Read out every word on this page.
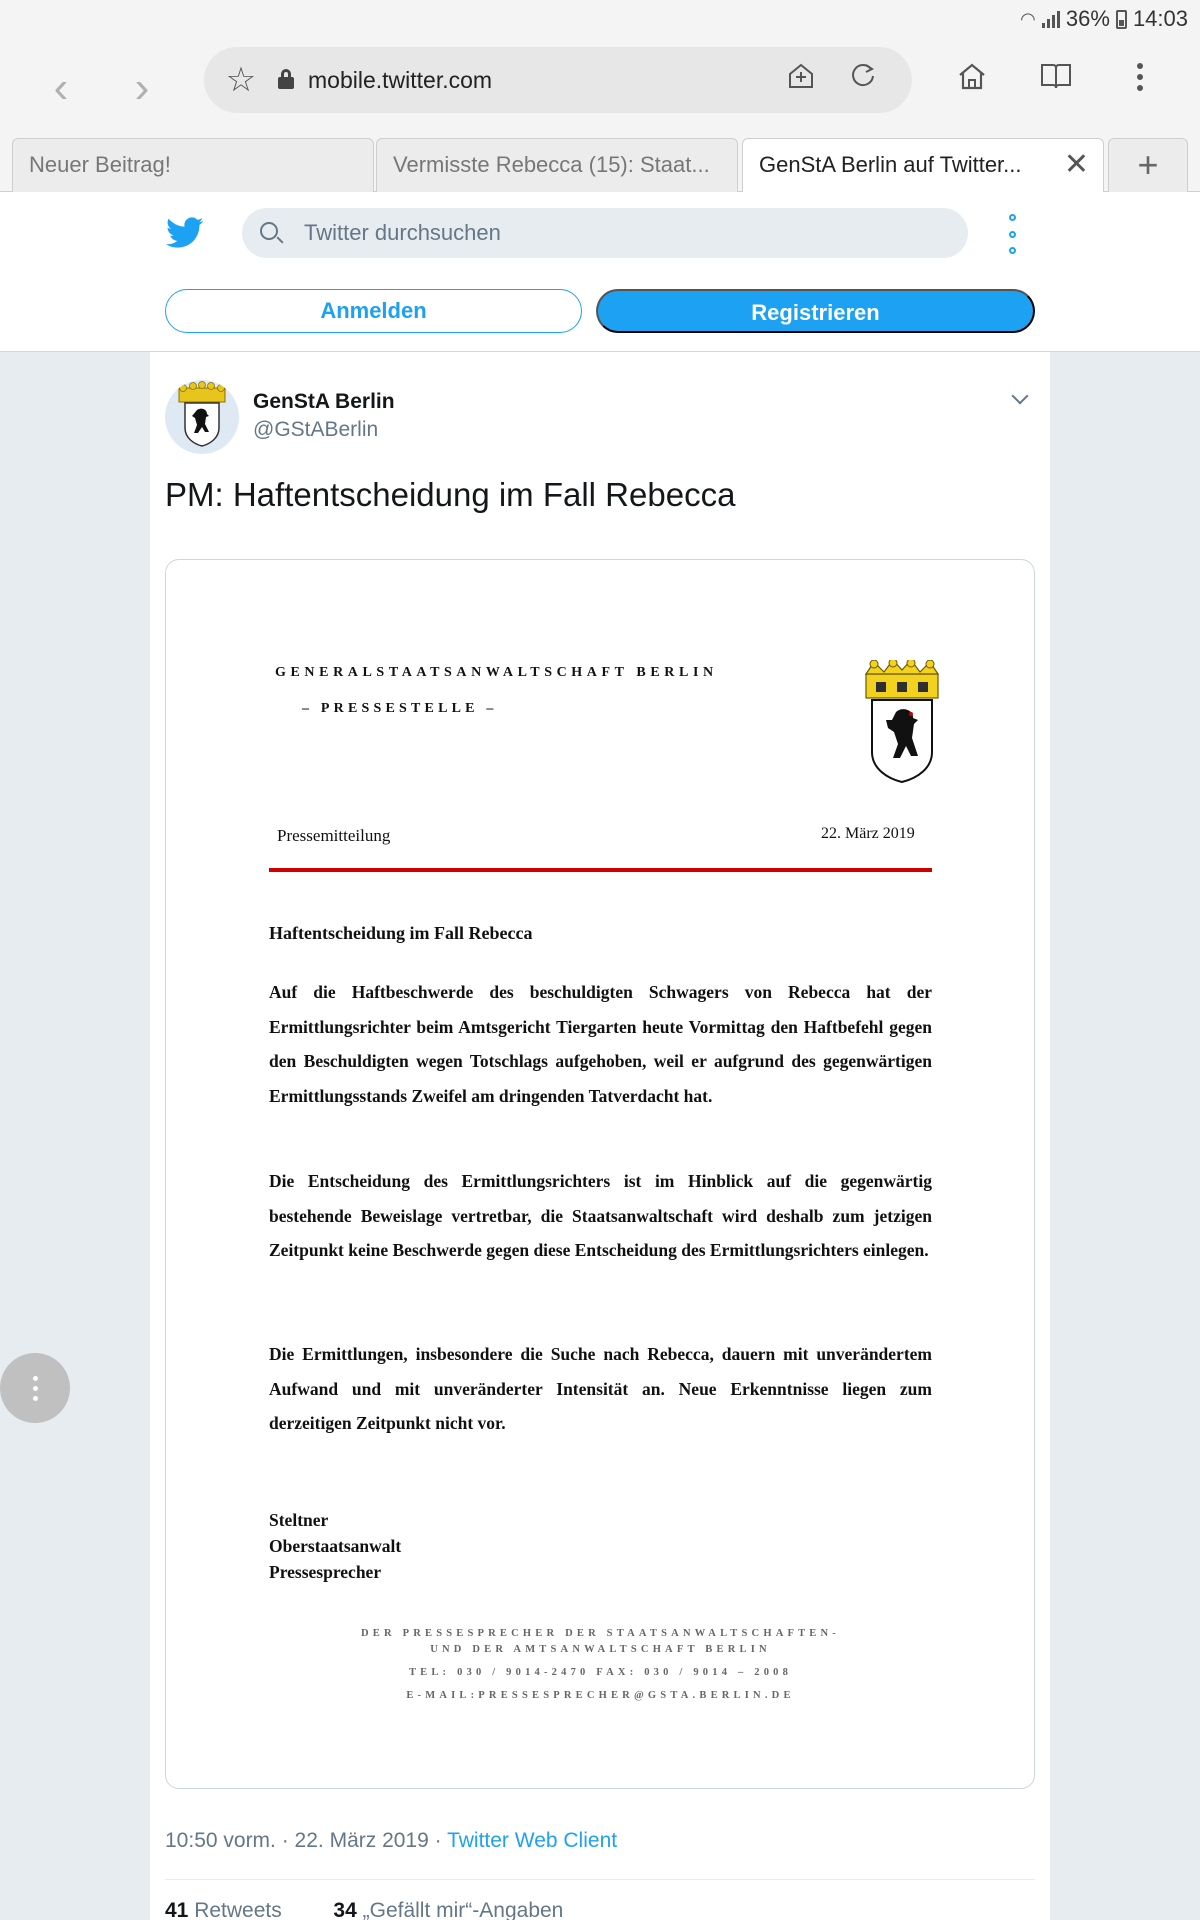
◠ 36% 14:03
‹	›	☆ mobile.twitter.com
Neuer Beitrag!	Vermisste Rebecca (15): Staat...	GenStA Berlin auf Twitter... ✕	+
Twitter durchsuchen
Anmelden	Registrieren
GenStA Berlin
@GStABerlin
PM: Haftentscheidung im Fall Rebecca
GENERALSTAATSANWALTSCHAFT BERLIN
– PRESSESTELLE –
Pressemitteilung	22. März 2019
Haftentscheidung im Fall Rebecca
Auf die Haftbeschwerde des beschuldigten Schwagers von Rebecca hat der Ermittlungsrichter beim Amtsgericht Tiergarten heute Vormittag den Haftbefehl gegen den Beschuldigten wegen Totschlags aufgehoben, weil er aufgrund des gegenwärtigen Ermittlungsstands Zweifel am dringenden Tatverdacht hat.
Die Entscheidung des Ermittlungsrichters ist im Hinblick auf die gegenwärtig bestehende Beweislage vertretbar, die Staatsanwaltschaft wird deshalb zum jetzigen Zeitpunkt keine Beschwerde gegen diese Entscheidung des Ermittlungsrichters einlegen.
Die Ermittlungen, insbesondere die Suche nach Rebecca, dauern mit unverändertem Aufwand und mit unveränderter Intensität an. Neue Erkenntnisse liegen zum derzeitigen Zeitpunkt nicht vor.
Steltner
Oberstaatsanwalt
Pressesprecher
DER PRESSESPRECHER DER STAATSANWALTSCHAFTEN-
UND DER AMTSANWALTSCHAFT BERLIN
TEL: 030 / 9014-2470 FAX: 030 / 9014 – 2008
E-MAIL:PRESSESPRECHER@GSTA.BERLIN.DE
10:50 vorm. · 22. März 2019 · Twitter Web Client
41 Retweets 34 „Gefällt mir“-Angaben
